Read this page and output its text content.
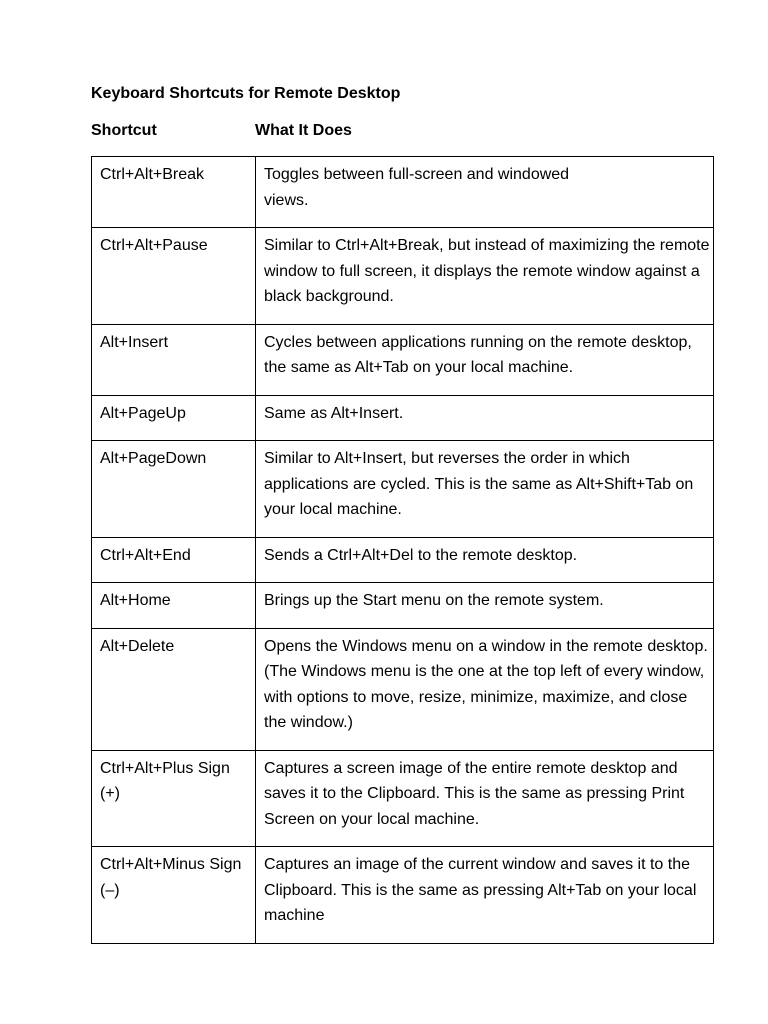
Keyboard Shortcuts for Remote Desktop
Shortcut	What It Does
Ctrl+Alt+Break	Toggles between full-screen and windowed views.
Ctrl+Alt+Pause	Similar to Ctrl+Alt+Break, but instead of maximizing the remote window to full screen, it displays the remote window against a black background.
Alt+Insert	Cycles between applications running on the remote desktop, the same as Alt+Tab on your local machine.
Alt+PageUp	Same as Alt+Insert.
Alt+PageDown	Similar to Alt+Insert, but reverses the order in which applications are cycled. This is the same as Alt+Shift+Tab on your local machine.
Ctrl+Alt+End	Sends a Ctrl+Alt+Del to the remote desktop.
Alt+Home	Brings up the Start menu on the remote system.
Alt+Delete	Opens the Windows menu on a window in the remote desktop. (The Windows menu is the one at the top left of every window, with options to move, resize, minimize, maximize, and close the window.)
Ctrl+Alt+Plus Sign (+)	Captures a screen image of the entire remote desktop and saves it to the Clipboard. This is the same as pressing Print Screen on your local machine.
Ctrl+Alt+Minus Sign (–)	Captures an image of the current window and saves it to the Clipboard. This is the same as pressing Alt+Tab on your local machine
